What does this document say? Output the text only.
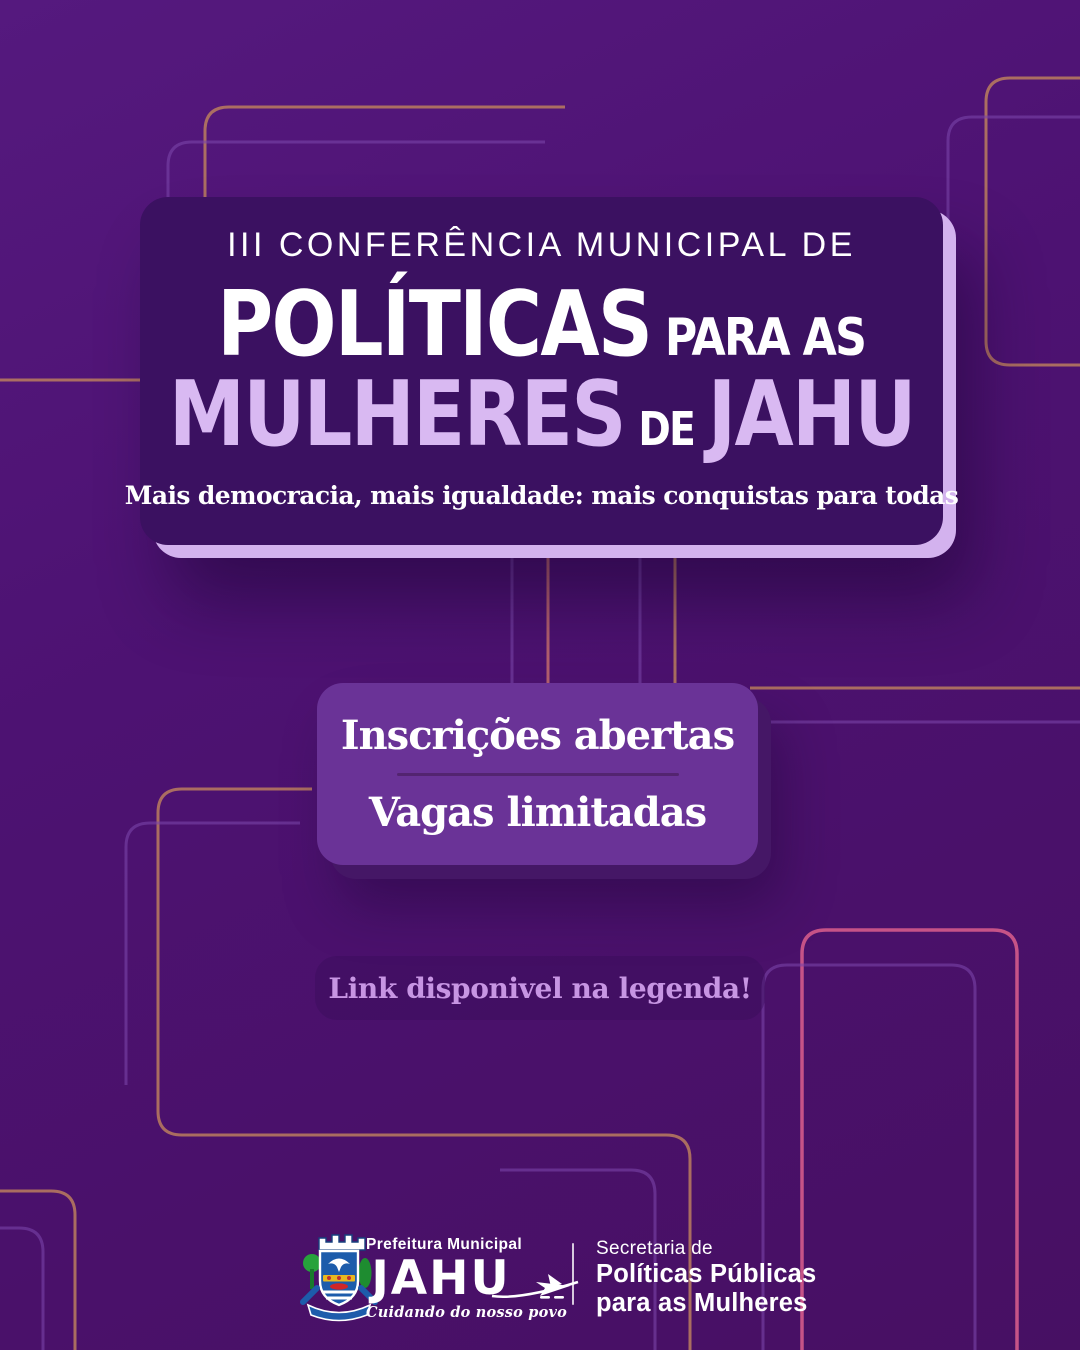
III CONFERÊNCIA MUNICIPAL DE
POLÍTICAS PARA AS
MULHERES DE JAHU
Mais democracia, mais igualdade: mais conquistas para todas
Inscrições abertas
Vagas limitadas
Link disponivel na legenda!
Prefeitura Municipal
JAHU
Cuidando do nosso povo
Secretaria de
Políticas Públicas
para as Mulheres
